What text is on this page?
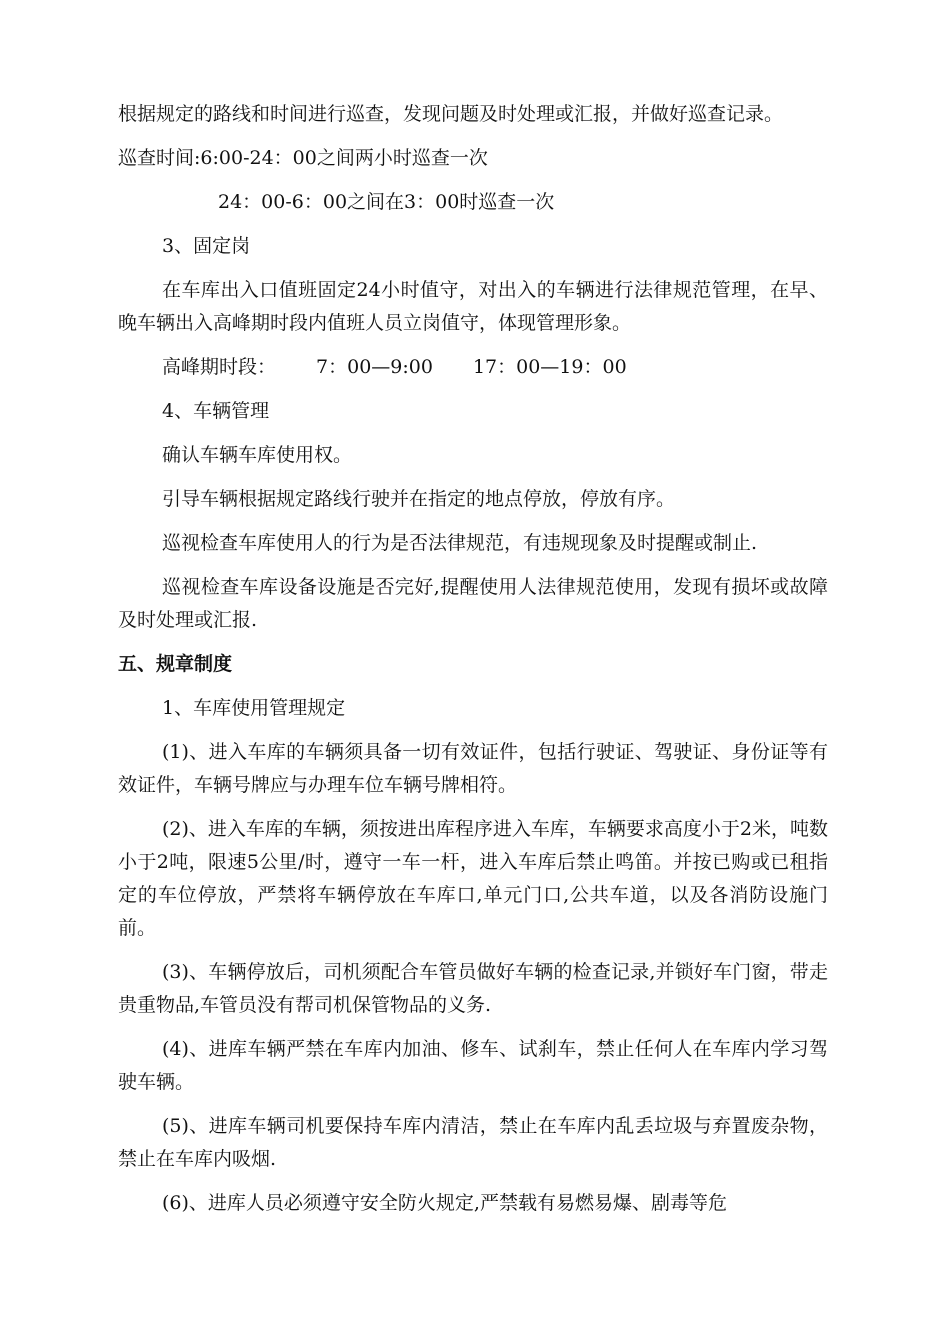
根据规定的路线和时间进行巡查，发现问题及时处理或汇报，并做好巡查记录。

巡查时间:6:00-24：00之间两小时巡查一次

24：00-6：00之间在3：00时巡查一次

3、固定岗

在车库出入口值班固定24小时值守，对出入的车辆进行法律规范管理，在早、晚车辆出入高峰期时段内值班人员立岗值守，体现管理形象。

高峰期时段： 7：00—9:00 17：00—19：00

4、车辆管理

确认车辆车库使用权。

引导车辆根据规定路线行驶并在指定的地点停放，停放有序。

巡视检查车库使用人的行为是否法律规范，有违规现象及时提醒或制止.

巡视检查车库设备设施是否完好,提醒使用人法律规范使用，发现有损坏或故障及时处理或汇报.

五、规章制度

1、车库使用管理规定

(1)、进入车库的车辆须具备一切有效证件，包括行驶证、驾驶证、身份证等有效证件，车辆号牌应与办理车位车辆号牌相符。

(2)、进入车库的车辆，须按进出库程序进入车库，车辆要求高度小于2米，吨数小于2吨，限速5公里/时，遵守一车一杆，进入车库后禁止鸣笛。并按已购或已租指定的车位停放，严禁将车辆停放在车库口,单元门口,公共车道，以及各消防设施门前。

(3)、车辆停放后，司机须配合车管员做好车辆的检查记录,并锁好车门窗，带走贵重物品,车管员没有帮司机保管物品的义务.

(4)、进库车辆严禁在车库内加油、修车、试刹车，禁止任何人在车库内学习驾驶车辆。

(5)、进库车辆司机要保持车库内清洁，禁止在车库内乱丢垃圾与弃置废杂物，禁止在车库内吸烟.

(6)、进库人员必须遵守安全防火规定,严禁载有易燃易爆、剧毒等危
